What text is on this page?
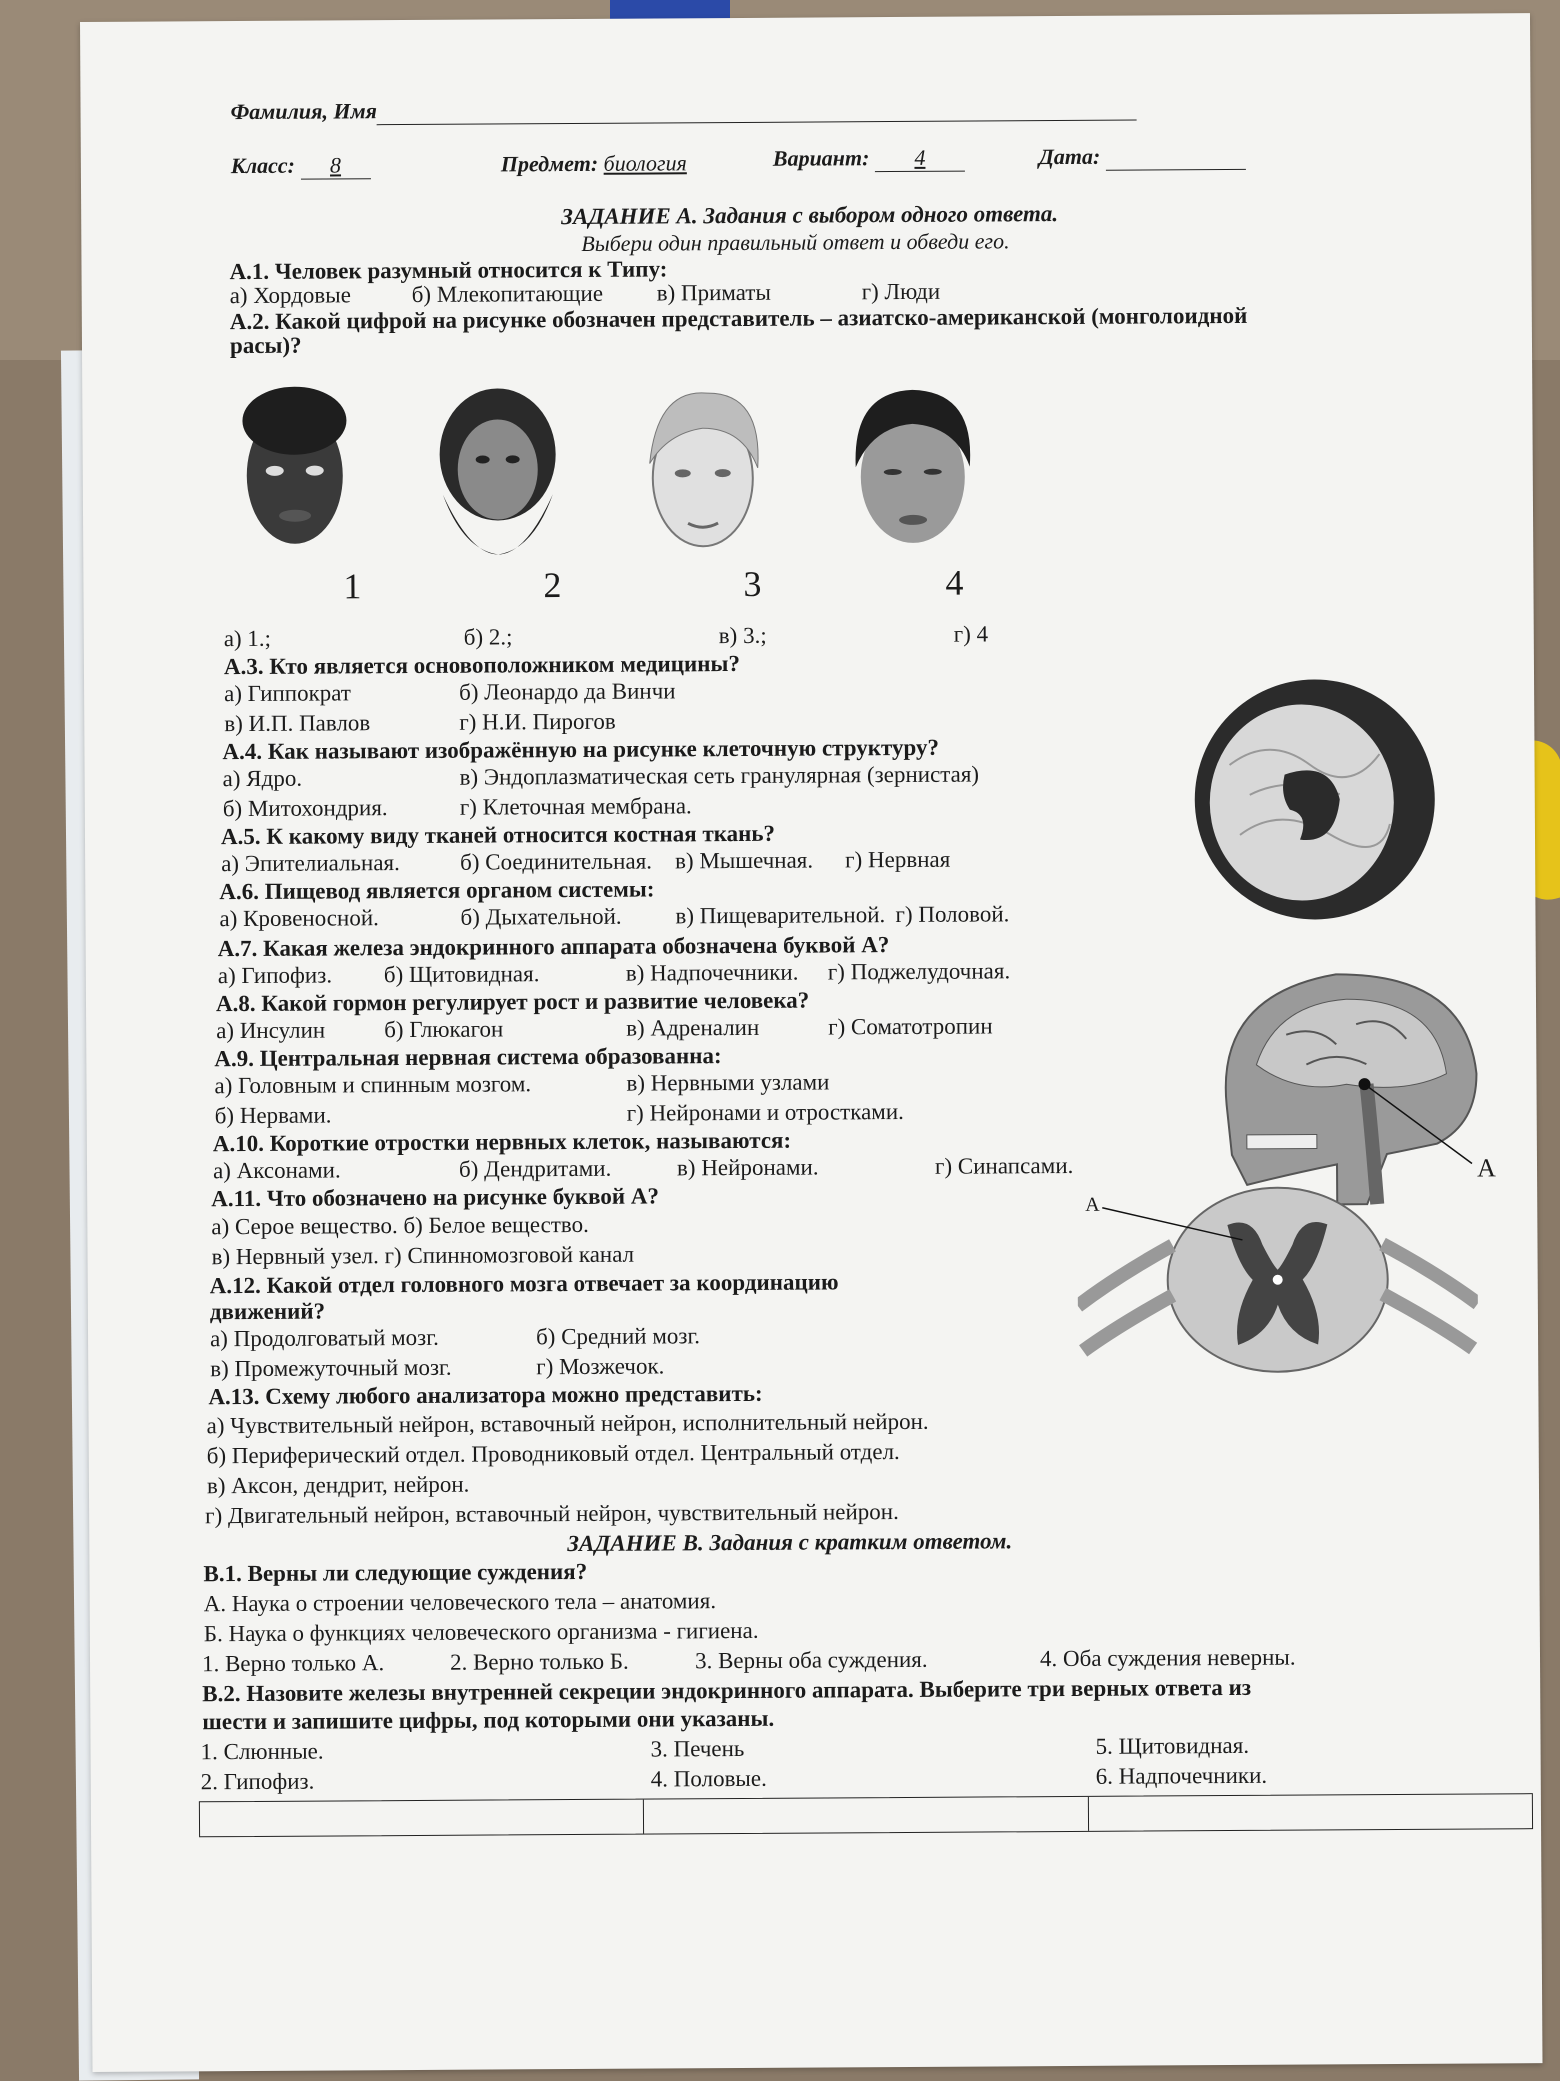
Фамилия, Имя
Класс: 8	Предмет: биология	Вариант: 4	Дата:
ЗАДАНИЕ А. Задания с выбором одного ответа.
Выбери один правильный ответ и обведи его.
А.1. Человек разумный относится к Типу:
а) Хордовые	б) Млекопитающие в) Приматы	г) Люди
А.2. Какой цифрой на рисунке обозначен представитель – азиатско-американской (монголоидной
расы)?
1	2	3	4
а) 1.;	б) 2.;	в) 3.;	г) 4
А.3. Кто является основоположником медицины?
а) Гиппократ	б) Леонардо да Винчи
в) И.П. Павлов	г) Н.И. Пирогов
А.4. Как называют изображённую на рисунке клеточную структуру?
а) Ядро.	в) Эндоплазматическая сеть гранулярная (зернистая)
б) Митохондрия.	г) Клеточная мембрана.
А.5. К какому виду тканей относится костная ткань?
а) Эпителиальная.	б) Соединительная. в) Мышечная. г) Нервная
А.6. Пищевод является органом системы:
а) Кровеносной.	б) Дыхательной. в) Пищеварительной. г) Половой.
А.7. Какая железа эндокринного аппарата обозначена буквой А?
а) Гипофиз. б) Щитовидная.	в) Надпочечники. г) Поджелудочная.
А
А.8. Какой гормон регулирует рост и развитие человека?
а) Инсулин	б) Глюкагон	в) Адреналин	г) Соматотропин
А.9. Центральная нервная система образованна:
а) Головным и спинным мозгом.	в) Нервными узлами
б) Нервами.	г) Нейронами и отростками.
А.10. Короткие отростки нервных клеток, называются:
а) Аксонами.	б) Дендритами.	в) Нейронами.	г) Синапсами.
А.11. Что обозначено на рисунке буквой А?
а) Серое вещество. б) Белое вещество.
в) Нервный узел. г) Спинномозговой канал
А
А.12. Какой отдел головного мозга отвечает за координацию
движений?
а) Продолговатый мозг.	б) Средний мозг.
в) Промежуточный мозг.	г) Мозжечок.
А.13. Схему любого анализатора можно представить:
а) Чувствительный нейрон, вставочный нейрон, исполнительный нейрон.
б) Периферический отдел. Проводниковый отдел. Центральный отдел.
в) Аксон, дендрит, нейрон.
г) Двигательный нейрон, вставочный нейрон, чувствительный нейрон.
ЗАДАНИЕ В. Задания с кратким ответом.
В.1. Верны ли следующие суждения?
А. Наука о строении человеческого тела – анатомия.
Б. Наука о функциях человеческого организма - гигиена.
1. Верно только А.	2. Верно только Б.	3. Верны оба суждения.	4. Оба суждения неверны.
В.2. Назовите железы внутренней секреции эндокринного аппарата. Выберите три верных ответа из
шести и запишите цифры, под которыми они указаны.
1. Слюнные.	3. Печень	5. Щитовидная.
2. Гипофиз.	4. Половые.	6. Надпочечники.
